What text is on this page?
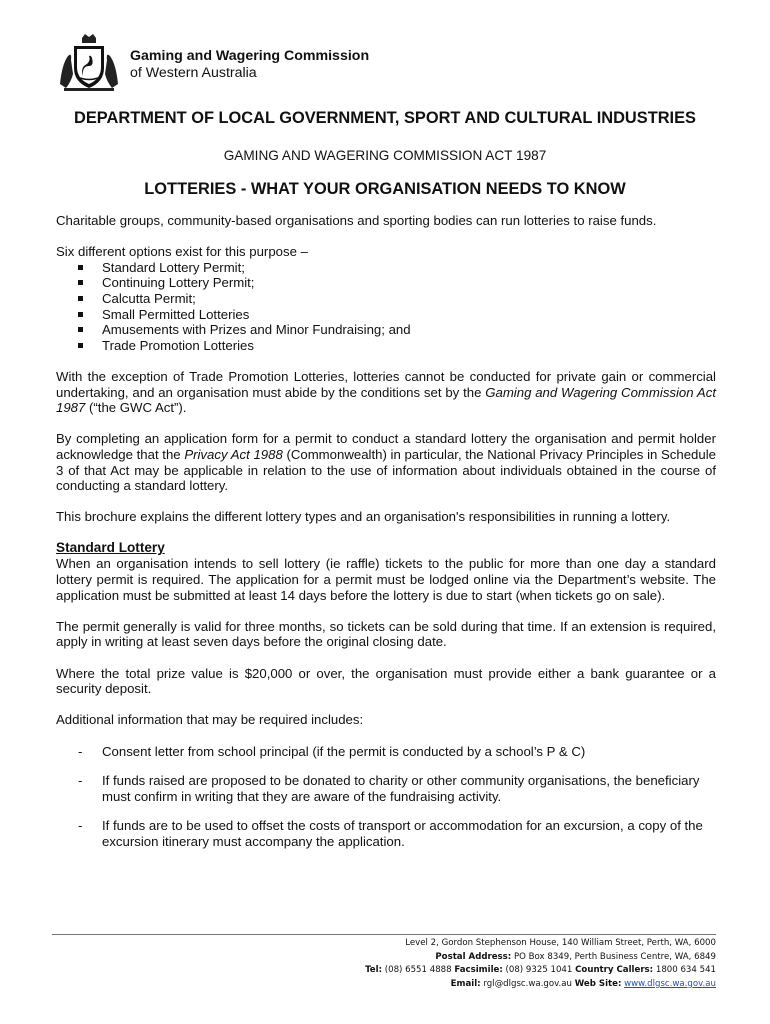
Gaming and Wagering Commission
of Western Australia
DEPARTMENT OF LOCAL GOVERNMENT, SPORT AND CULTURAL INDUSTRIES
GAMING AND WAGERING COMMISSION ACT 1987
LOTTERIES - WHAT YOUR ORGANISATION NEEDS TO KNOW

Charitable groups, community-based organisations and sporting bodies can run lotteries to raise funds.

Six different options exist for this purpose –

Standard Lottery Permit;
Continuing Lottery Permit;
Calcutta Permit;
Small Permitted Lotteries
Amusements with Prizes and Minor Fundraising; and
Trade Promotion Lotteries

With the exception of Trade Promotion Lotteries, lotteries cannot be conducted for private gain or commercial undertaking, and an organisation must abide by the conditions set by the Gaming and Wagering Commission Act 1987 (“the GWC Act”).

By completing an application form for a permit to conduct a standard lottery the organisation and permit holder acknowledge that the Privacy Act 1988 (Commonwealth) in particular, the National Privacy Principles in Schedule 3 of that Act may be applicable in relation to the use of information about individuals obtained in the course of conducting a standard lottery.

This brochure explains the different lottery types and an organisation's responsibilities in running a lottery.

Standard Lottery

When an organisation intends to sell lottery (ie raffle) tickets to the public for more than one day a standard lottery permit is required. The application for a permit must be lodged online via the Department’s website. The application must be submitted at least 14 days before the lottery is due to start (when tickets go on sale).

The permit generally is valid for three months, so tickets can be sold during that time. If an extension is required, apply in writing at least seven days before the original closing date.

Where the total prize value is $20,000 or over, the organisation must provide either a bank guarantee or a security deposit.

Additional information that may be required includes:

- Consent letter from school principal (if the permit is conducted by a school’s P & C)
- If funds raised are proposed to be donated to charity or other community organisations, the beneficiary must confirm in writing that they are aware of the fundraising activity.
- If funds are to be used to offset the costs of transport or accommodation for an excursion, a copy of the excursion itinerary must accompany the application.
Level 2, Gordon Stephenson House, 140 William Street, Perth, WA, 6000
Postal Address: PO Box 8349, Perth Business Centre, WA, 6849
Tel: (08) 6551 4888 Facsimile: (08) 9325 1041 Country Callers: 1800 634 541
Email: rgl@dlgsc.wa.gov.au Web Site: www.dlgsc.wa.gov.au
